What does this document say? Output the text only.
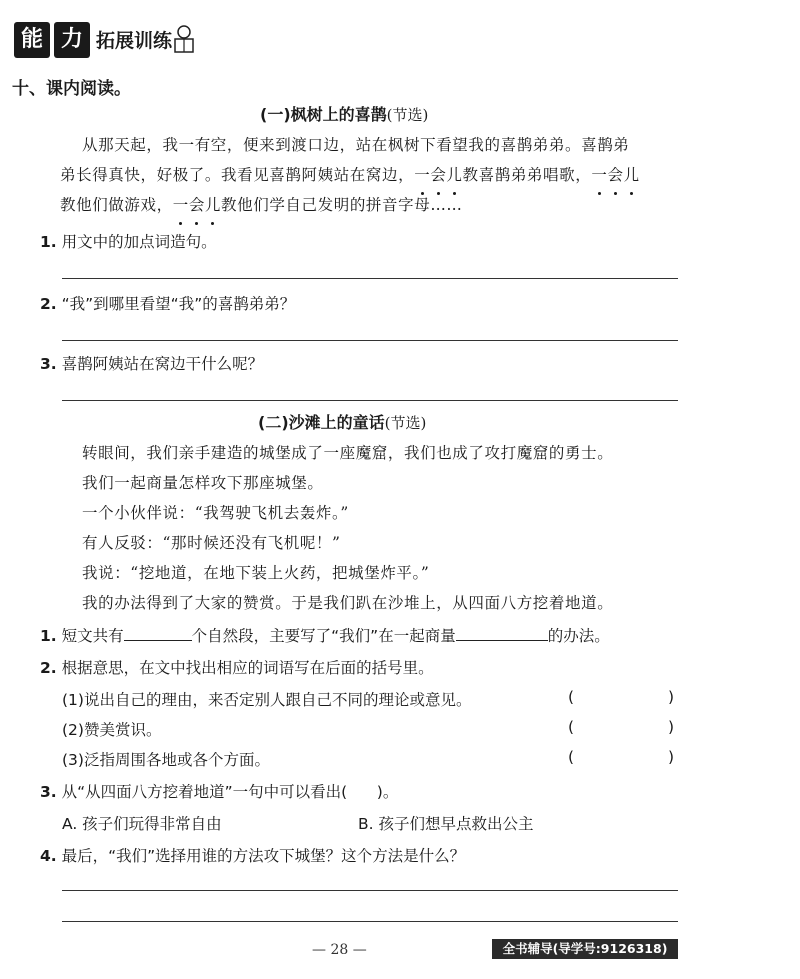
能 力 拓展训练
十、课内阅读。
(一)枫树上的喜鹊(节选)
从那天起，我一有空，便来到渡口边，站在枫树下看望我的喜鹊弟弟。喜鹊弟
弟长得真快，好极了。我看见喜鹊阿姨站在窝边，一会儿教喜鹊弟弟唱歌，一会儿
教他们做游戏，一会儿教他们学自己发明的拼音字母……
1. 用文中的加点词造句。
2. “我”到哪里看望“我”的喜鹊弟弟？
3. 喜鹊阿姨站在窝边干什么呢？
(二)沙滩上的童话(节选)
转眼间，我们亲手建造的城堡成了一座魔窟，我们也成了攻打魔窟的勇士。
我们一起商量怎样攻下那座城堡。
一个小伙伴说：“我驾驶飞机去轰炸。”
有人反驳：“那时候还没有飞机呢！”
我说：“挖地道，在地下装上火药，把城堡炸平。”
我的办法得到了大家的赞赏。于是我们趴在沙堆上，从四面八方挖着地道。
1. 短文共有	个自然段，主要写了“我们”在一起商量	的办法。
2. 根据意思，在文中找出相应的词语写在后面的括号里。
(1)说出自己的理由，来否定别人跟自己不同的理论或意见。	(	)
(2)赞美赏识。	(	)
(3)泛指周围各地或各个方面。	(	)
3. 从“从四面八方挖着地道”一句中可以看出(      )。
A. 孩子们玩得非常自由	B. 孩子们想早点救出公主
4. 最后，“我们”选择用谁的方法攻下城堡？这个方法是什么？
— 28 —	全书辅导(导学号:9126318)
